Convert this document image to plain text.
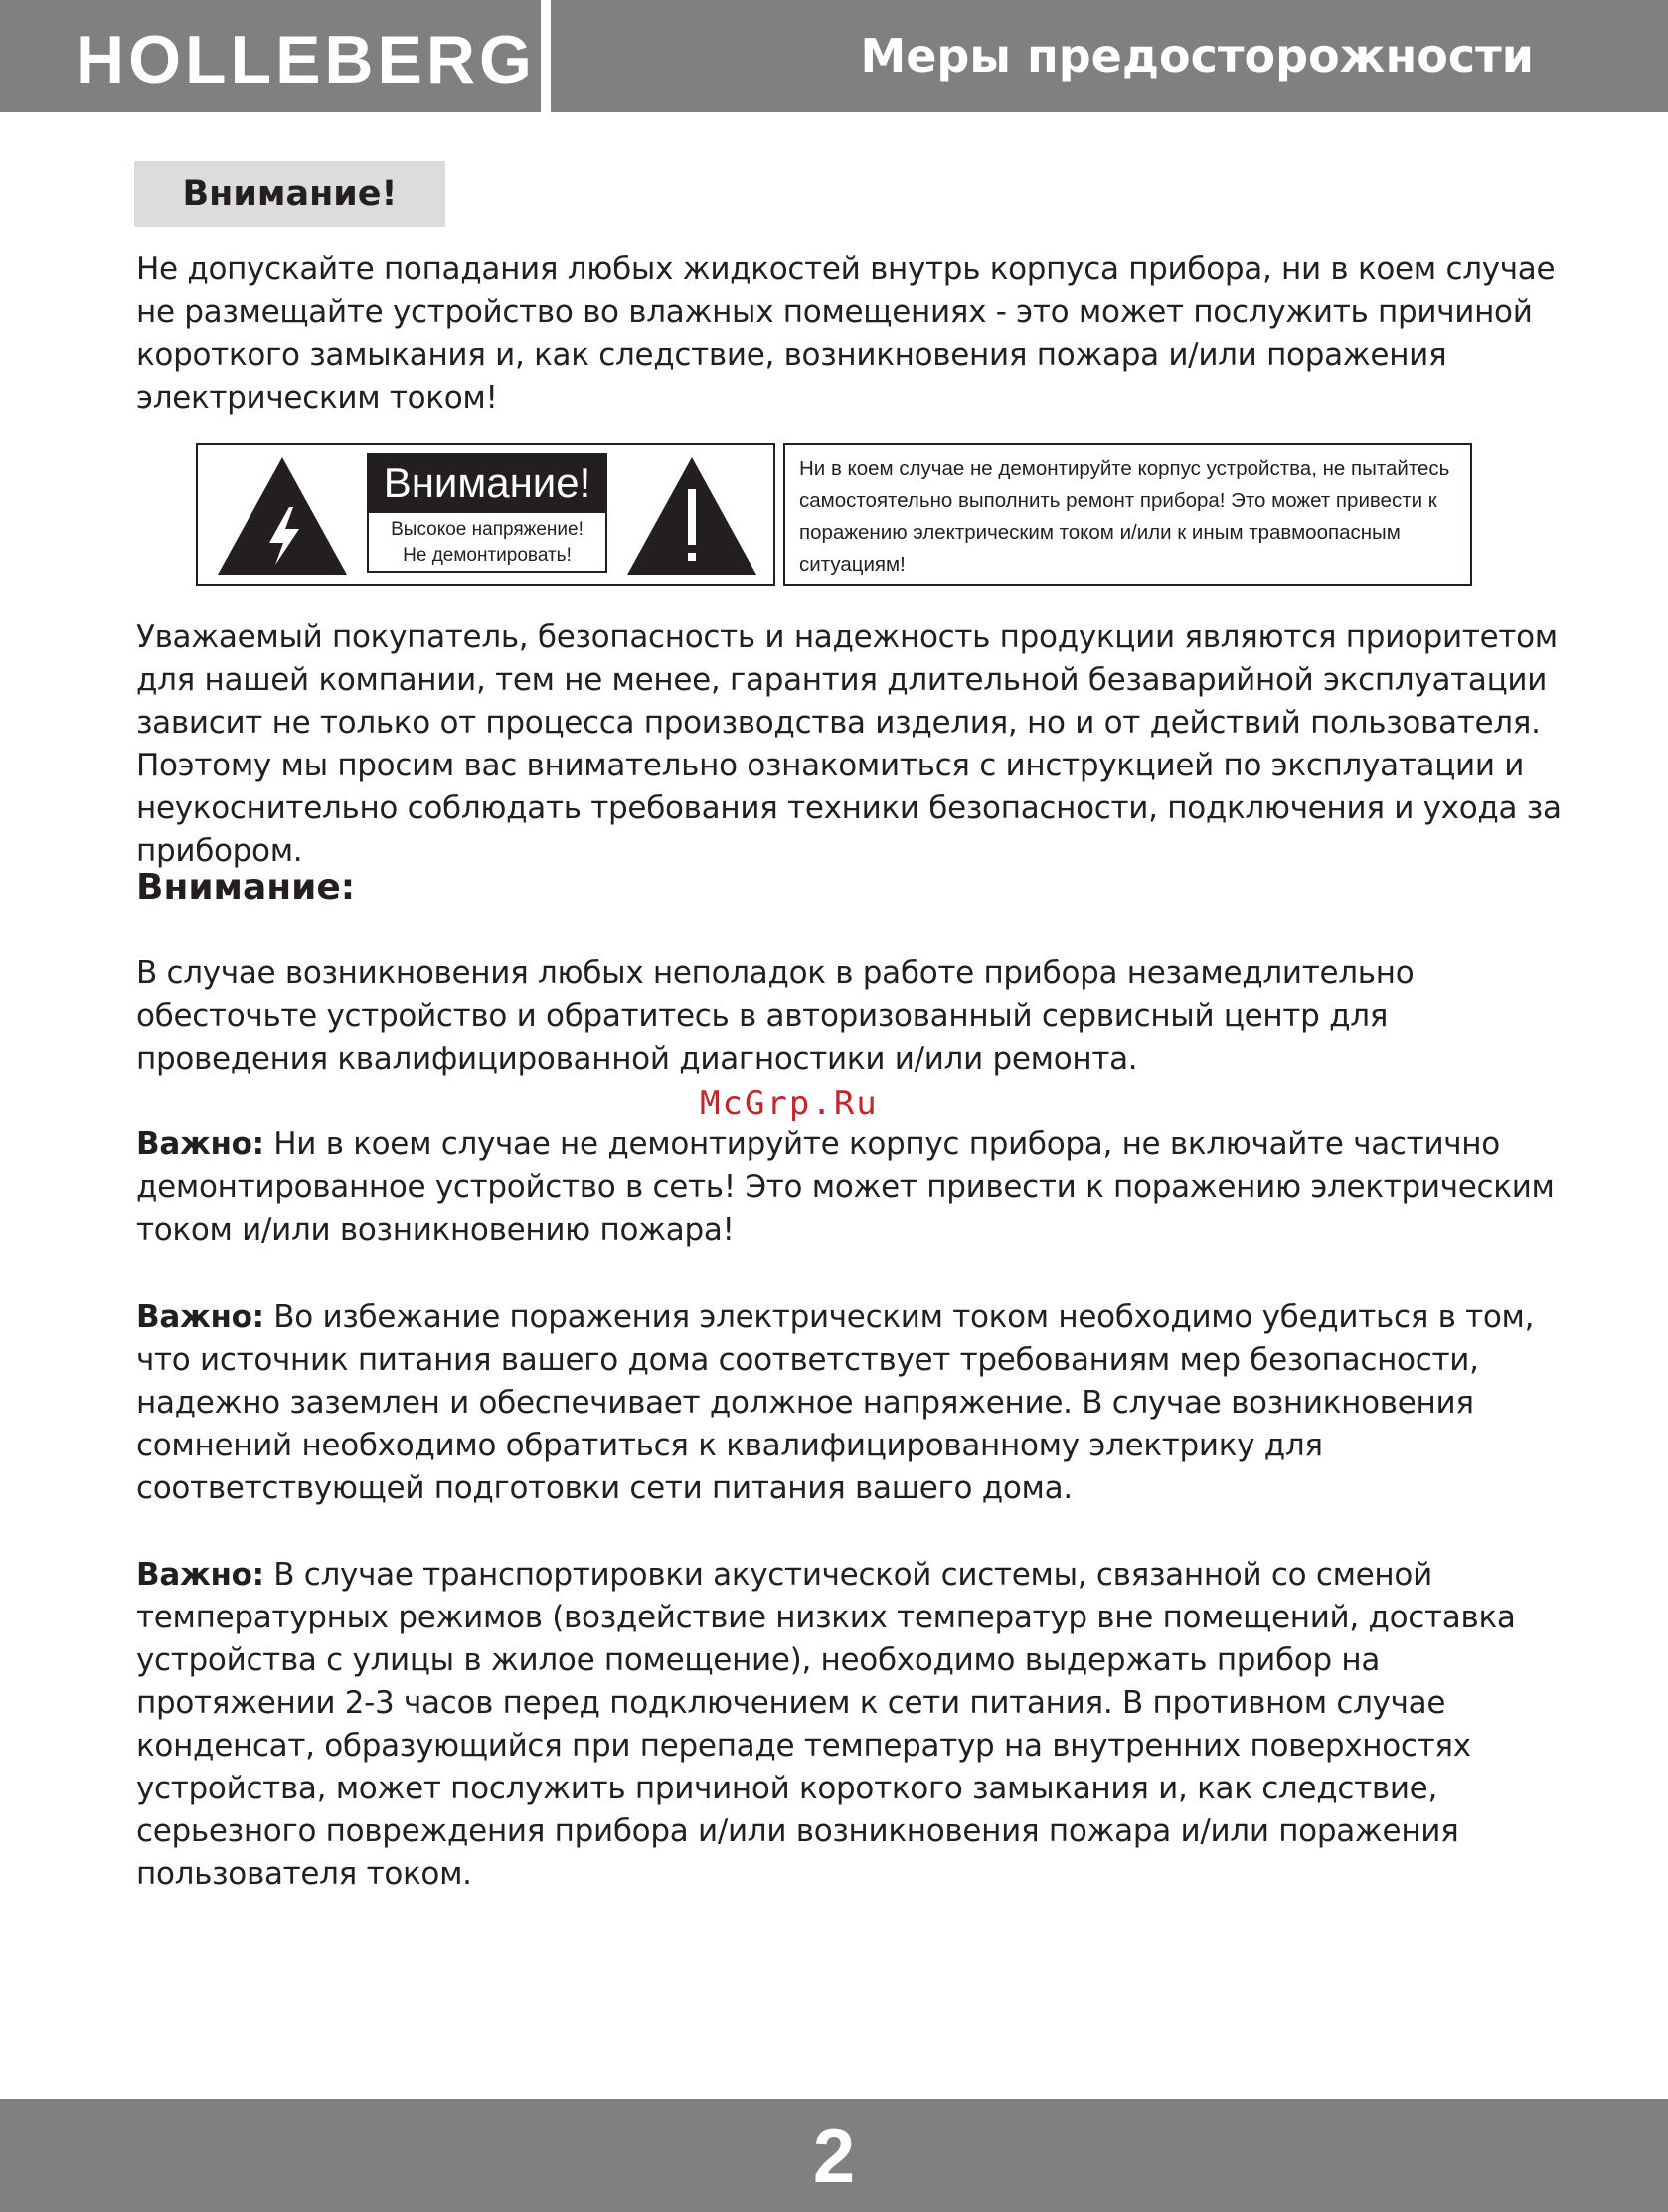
HOLLEBERG	Меры предосторожности
Внимание!

Не допускайте попадания любых жидкостей внутрь корпуса прибора, ни в коем случае не размещайте устройство во влажных помещениях - это может послужить причиной короткого замыкания и, как следствие, возникновения пожара и/или поражения электрическим током!

Внимание!
Высокое напряжение!
Не демонтировать!
Ни в коем случае не демонтируйте корпус устройства, не пытайтесь самостоятельно выполнить ремонт прибора! Это может привести к поражению электрическим током и/или к иным травмоопасным ситуациям!

Уважаемый покупатель, безопасность и надежность продукции являются приоритетом для нашей компании, тем не менее, гарантия длительной безаварийной эксплуатации зависит не только от процесса производства изделия, но и от действий пользователя. Поэтому мы просим вас внимательно ознакомиться с инструкцией по эксплуатации и неукоснительно соблюдать требования техники безопасности, подключения и ухода за прибором.

Внимание:

В случае возникновения любых неполадок в работе прибора незамедлительно обесточьте устройство и обратитесь в авторизованный сервисный центр для проведения квалифицированной диагностики и/или ремонта.

McGrp.Ru

Важно: Ни в коем случае не демонтируйте корпус прибора, не включайте частично демонтированное устройство в сеть! Это может привести к поражению электрическим током и/или возникновению пожара!

Важно: Во избежание поражения электрическим током необходимо убедиться в том, что источник питания вашего дома соответствует требованиям мер безопасности, надежно заземлен и обеспечивает должное напряжение. В случае возникновения сомнений необходимо обратиться к квалифицированному электрику для соответствующей подготовки сети питания вашего дома.

Важно: В случае транспортировки акустической системы, связанной со сменой температурных режимов (воздействие низких температур вне помещений, доставка устройства с улицы в жилое помещение), необходимо выдержать прибор на протяжении 2-3 часов перед подключением к сети питания. В противном случае конденсат, образующийся при перепаде температур на внутренних поверхностях устройства, может послужить причиной короткого замыкания и, как следствие, серьезного повреждения прибора и/или возникновения пожара и/или поражения пользователя током.

2
